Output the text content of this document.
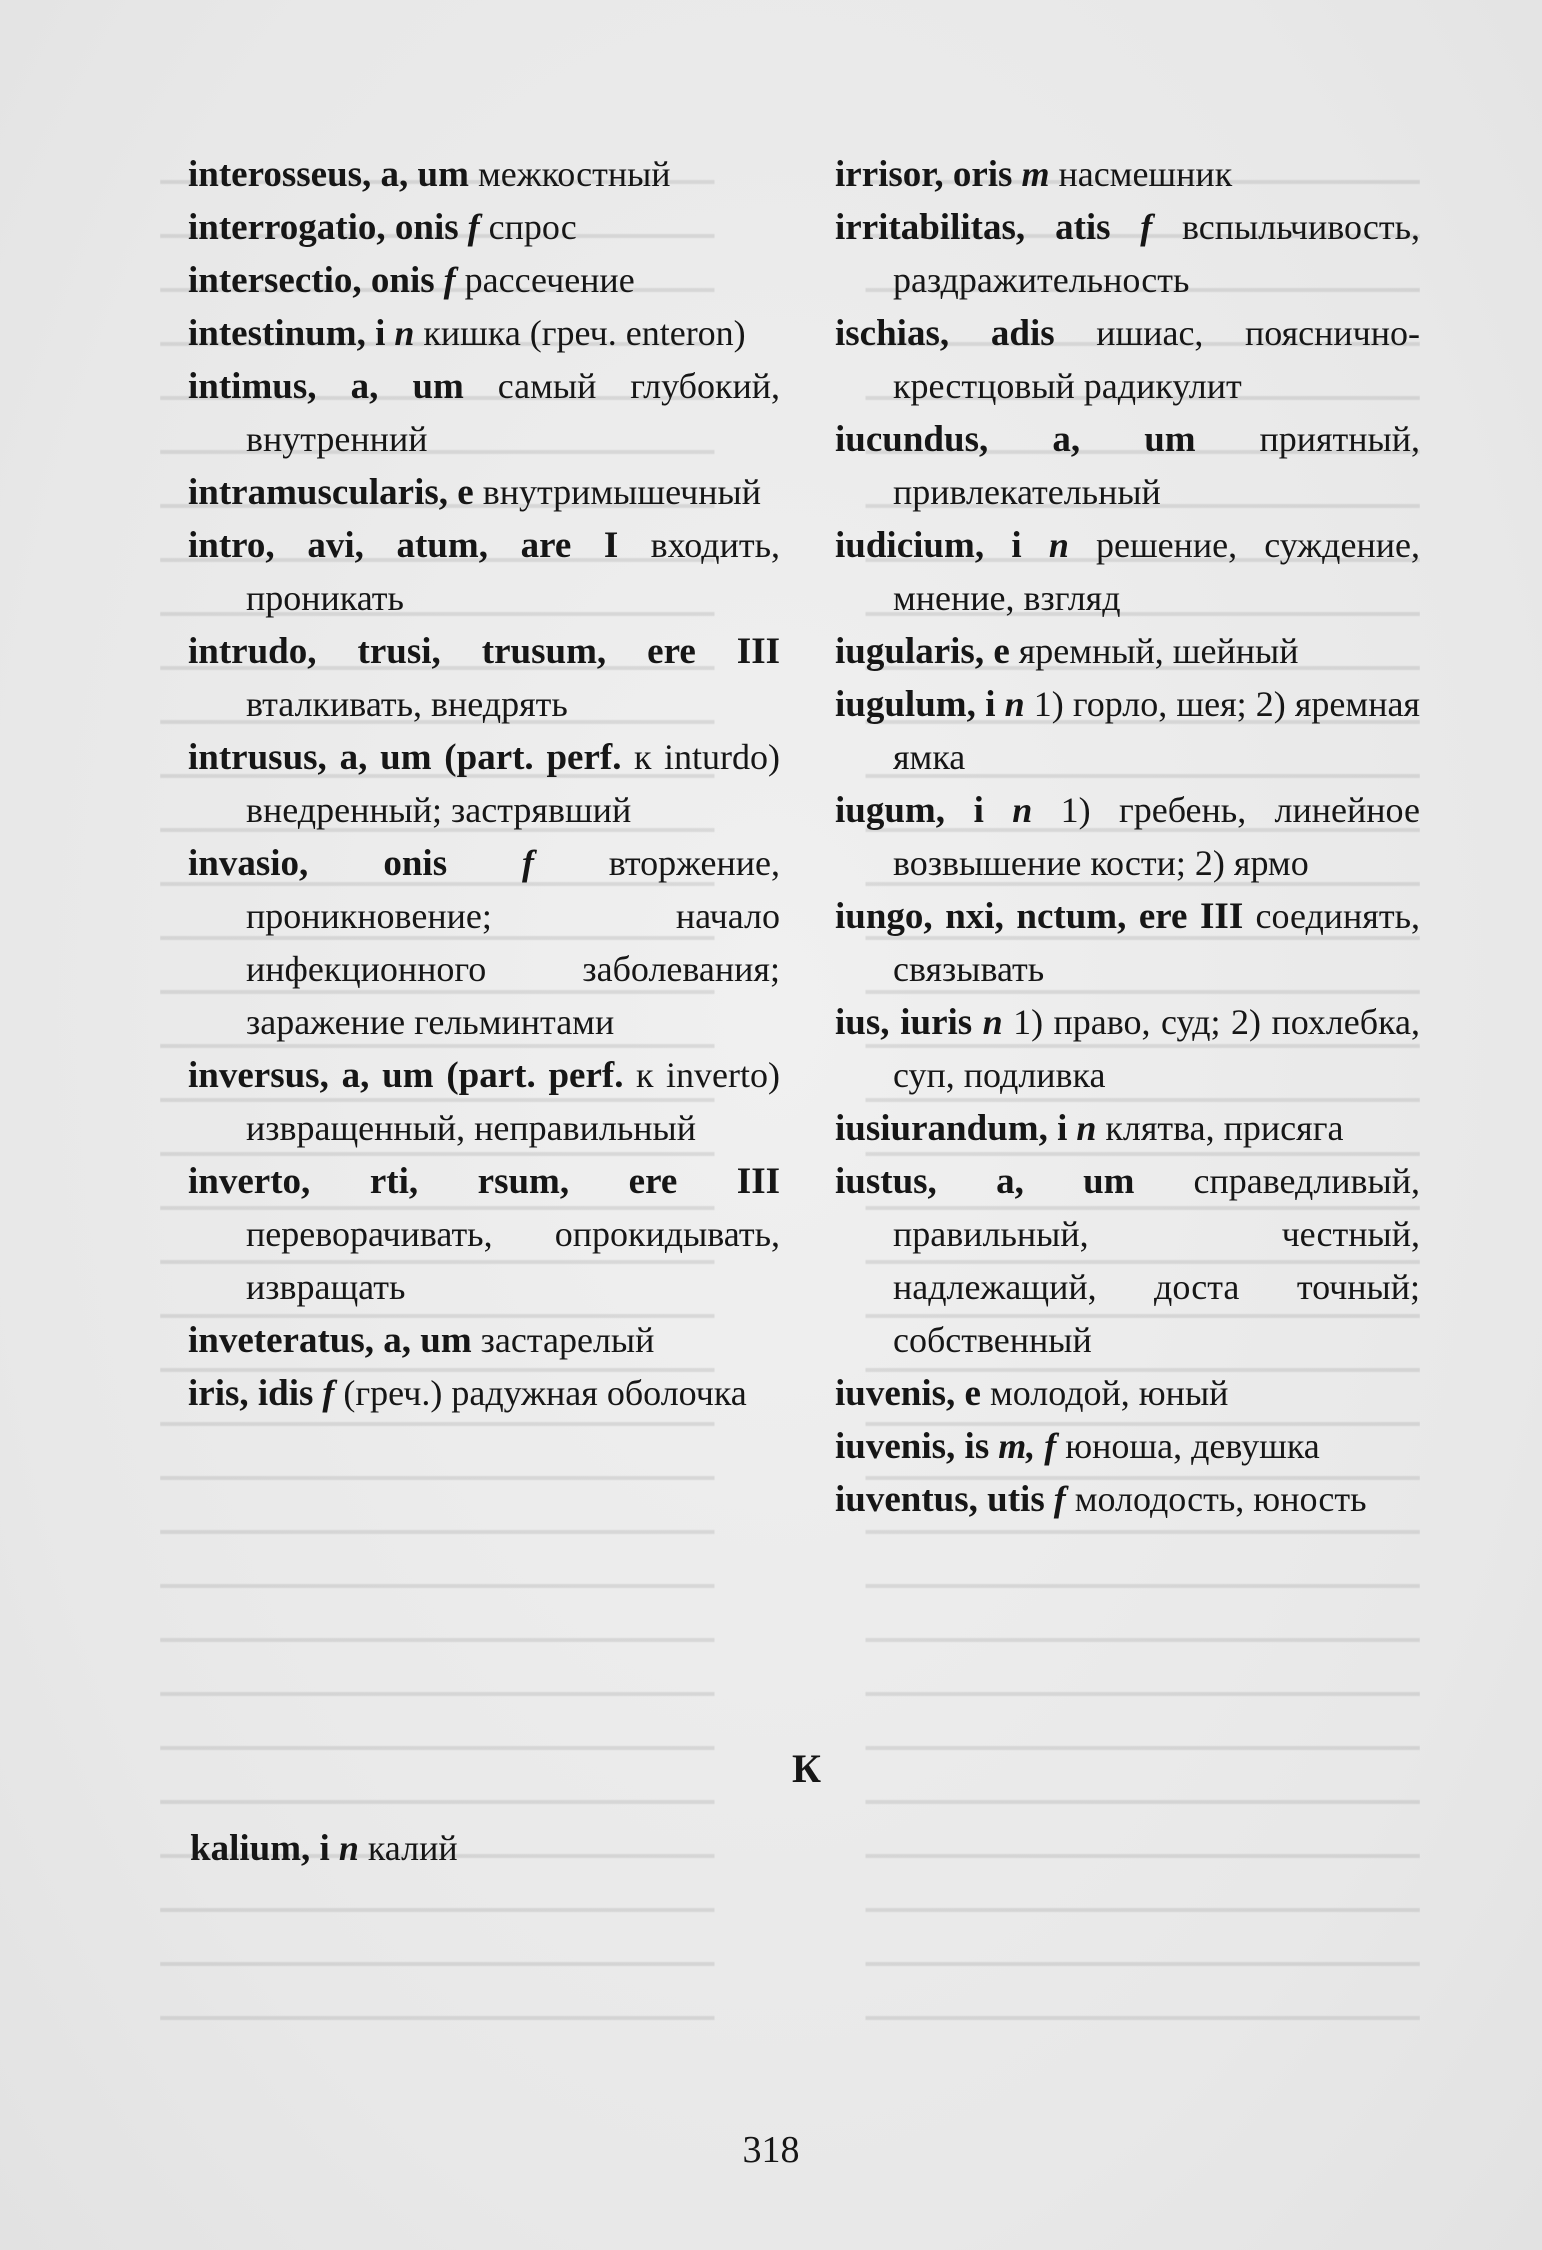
interosseus, a, um межкостный
interrogatio, onis f спрос
intersectio, onis f рассечение
intestinum, i n кишка (греч. enteron)
intimus, a, um самый глубокий, внутренний
intramuscularis, e внутримышечный
intro, avi, atum, are I входить, проникать
intrudo, trusi, trusum, ere III вталкивать, внедрять
intrusus, a, um (part. perf. к inturdo) внедренный; застрявший
invasio, onis f вторжение, проникновение; начало инфекционного заболевания; заражение гельминтами
inversus, a, um (part. perf. к inverto) извращенный, неправильный
inverto, rti, rsum, ere III переворачивать, опрокидывать, извращать
inveteratus, a, um застарелый
iris, idis f (греч.) радужная оболочка
irrisor, oris m насмешник
irritabilitas, atis f вспыльчивость, раздражительность
ischias, adis ишиас, пояснично-крестцовый радикулит
iucundus, a, um приятный, привлекательный
iudicium, i n решение, суждение, мнение, взгляд
iugularis, e яремный, шейный
iugulum, i n 1) горло, шея; 2) яремная ямка
iugum, i n 1) гребень, линейное возвышение кости; 2) ярмо
iungo, nxi, nctum, ere III соединять, связывать
ius, iuris n 1) право, суд; 2) похлебка, суп, подливка
iusiurandum, i n клятва, присяга
iustus, a, um справедливый, правильный, честный, надлежащий, доста точный; собственный
iuvenis, e молодой, юный
iuvenis, is m, f юноша, девушка
iuventus, utis f молодость, юность
К
kalium, i n калий
318
